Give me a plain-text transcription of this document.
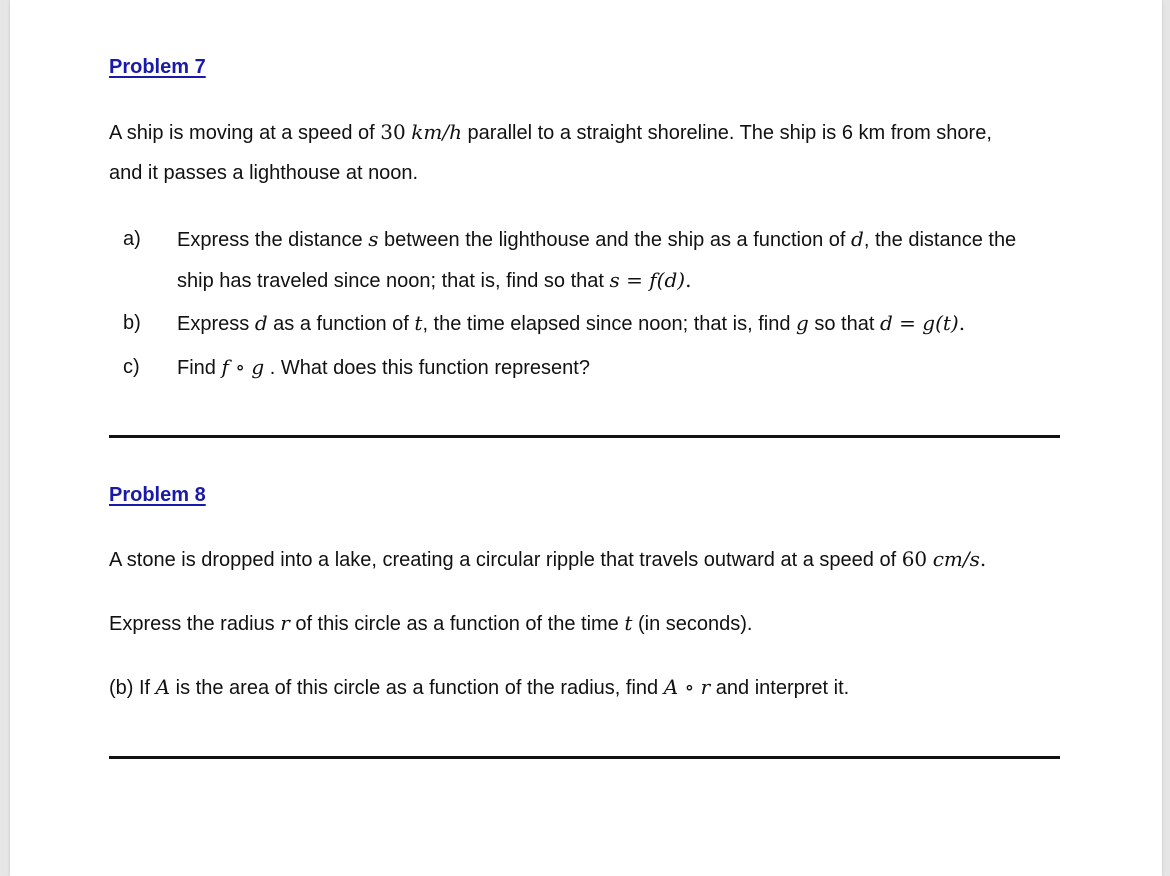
Problem 7
A ship is moving at a speed of 30 km/h parallel to a straight shoreline. The ship is 6 km from shore,
and it passes a lighthouse at noon.
a) Express the distance s between the lighthouse and the ship as a function of d, the distance the
ship has traveled since noon; that is, find so that s = f(d).
b) Express d as a function of t, the time elapsed since noon; that is, find g so that d = g(t).
c) Find f ∘ g . What does this function represent?
Problem 8
A stone is dropped into a lake, creating a circular ripple that travels outward at a speed of 60 cm/s.
Express the radius r of this circle as a function of the time t (in seconds).
(b) If A is the area of this circle as a function of the radius, find A ∘ r and interpret it.
